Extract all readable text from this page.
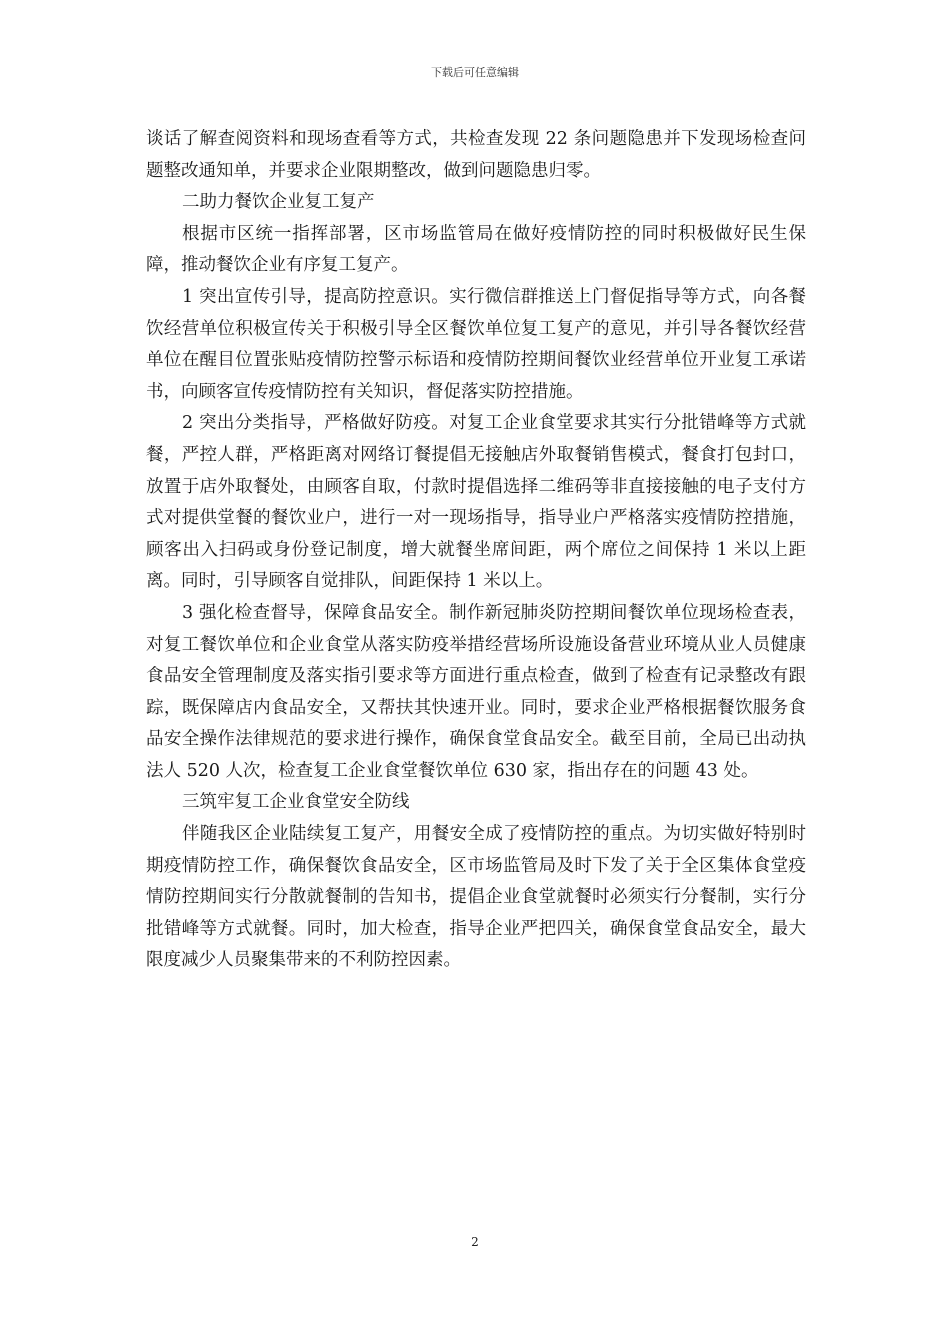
下载后可任意编辑

谈话了解查阅资料和现场查看等方式，共检查发现 22 条问题隐患并下发现场检查问题整改通知单，并要求企业限期整改，做到问题隐患归零。

二助力餐饮企业复工复产

根据市区统一指挥部署，区市场监管局在做好疫情防控的同时积极做好民生保障，推动餐饮企业有序复工复产。

1 突出宣传引导，提高防控意识。实行微信群推送上门督促指导等方式，向各餐饮经营单位积极宣传关于积极引导全区餐饮单位复工复产的意见，并引导各餐饮经营单位在醒目位置张贴疫情防控警示标语和疫情防控期间餐饮业经营单位开业复工承诺书，向顾客宣传疫情防控有关知识，督促落实防控措施。

2 突出分类指导，严格做好防疫。对复工企业食堂要求其实行分批错峰等方式就餐，严控人群，严格距离对网络订餐提倡无接触店外取餐销售模式，餐食打包封口，放置于店外取餐处，由顾客自取，付款时提倡选择二维码等非直接接触的电子支付方式对提供堂餐的餐饮业户，进行一对一现场指导，指导业户严格落实疫情防控措施，顾客出入扫码或身份登记制度，增大就餐坐席间距，两个席位之间保持 1 米以上距离。同时，引导顾客自觉排队，间距保持 1 米以上。

3 强化检查督导，保障食品安全。制作新冠肺炎防控期间餐饮单位现场检查表，对复工餐饮单位和企业食堂从落实防疫举措经营场所设施设备营业环境从业人员健康食品安全管理制度及落实指引要求等方面进行重点检查，做到了检查有记录整改有跟踪，既保障店内食品安全，又帮扶其快速开业。同时，要求企业严格根据餐饮服务食品安全操作法律规范的要求进行操作，确保食堂食品安全。截至目前，全局已出动执法人 520 人次，检查复工企业食堂餐饮单位 630 家，指出存在的问题 43 处。

三筑牢复工企业食堂安全防线

伴随我区企业陆续复工复产，用餐安全成了疫情防控的重点。为切实做好特别时期疫情防控工作，确保餐饮食品安全，区市场监管局及时下发了关于全区集体食堂疫情防控期间实行分散就餐制的告知书，提倡企业食堂就餐时必须实行分餐制，实行分批错峰等方式就餐。同时，加大检查，指导企业严把四关，确保食堂食品安全，最大限度减少人员聚集带来的不利防控因素。

2
